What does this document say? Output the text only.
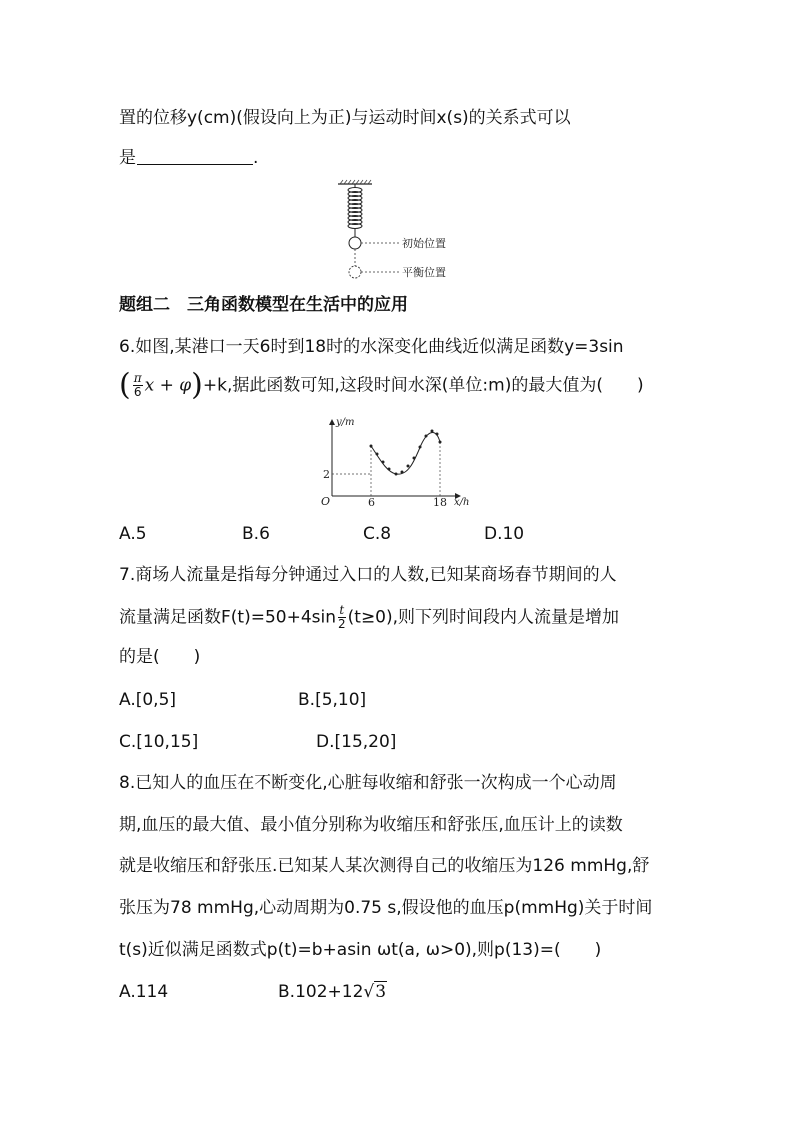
置的位移y(cm)(假设向上为正)与运动时间x(s)的关系式可以
是	.
初始位置
平衡位置
题组二　三角函数模型在生活中的应用
6.如图,某港口一天6时到18时的水深变化曲线近似满足函数y=3sin
( $\frac{\pi}{6}$ x + φ)+k,据此函数可知,这段时间水深(单位:m)的最大值为(　　)
y/m
x/h
O
2
6	18
A.5	B.6	C.8	D.10
7.商场人流量是指每分钟通过入口的人数,已知某商场春节期间的人
流量满足函数$F(t)=50+4\sin \frac{t}{2} (t\ge 0)$,则下列时间段内人流量是增加
的是(　　)
A.[0,5]	B.[5,10]
C.[10,15]	D.[15,20]
8.已知人的血压在不断变化,心脏每收缩和舒张一次构成一个心动周
期,血压的最大值、最小值分别称为收缩压和舒张压,血压计上的读数
就是收缩压和舒张压.已知某人某次测得自己的收缩压为126 mmHg,舒
张压为78 mmHg,心动周期为0.75 s,假设他的血压p(mmHg)关于时间
t(s)近似满足函数式p(t)=b+asin ωt(a, ω>0),则p(13)=(　　)
A.114	B.102+12√3
